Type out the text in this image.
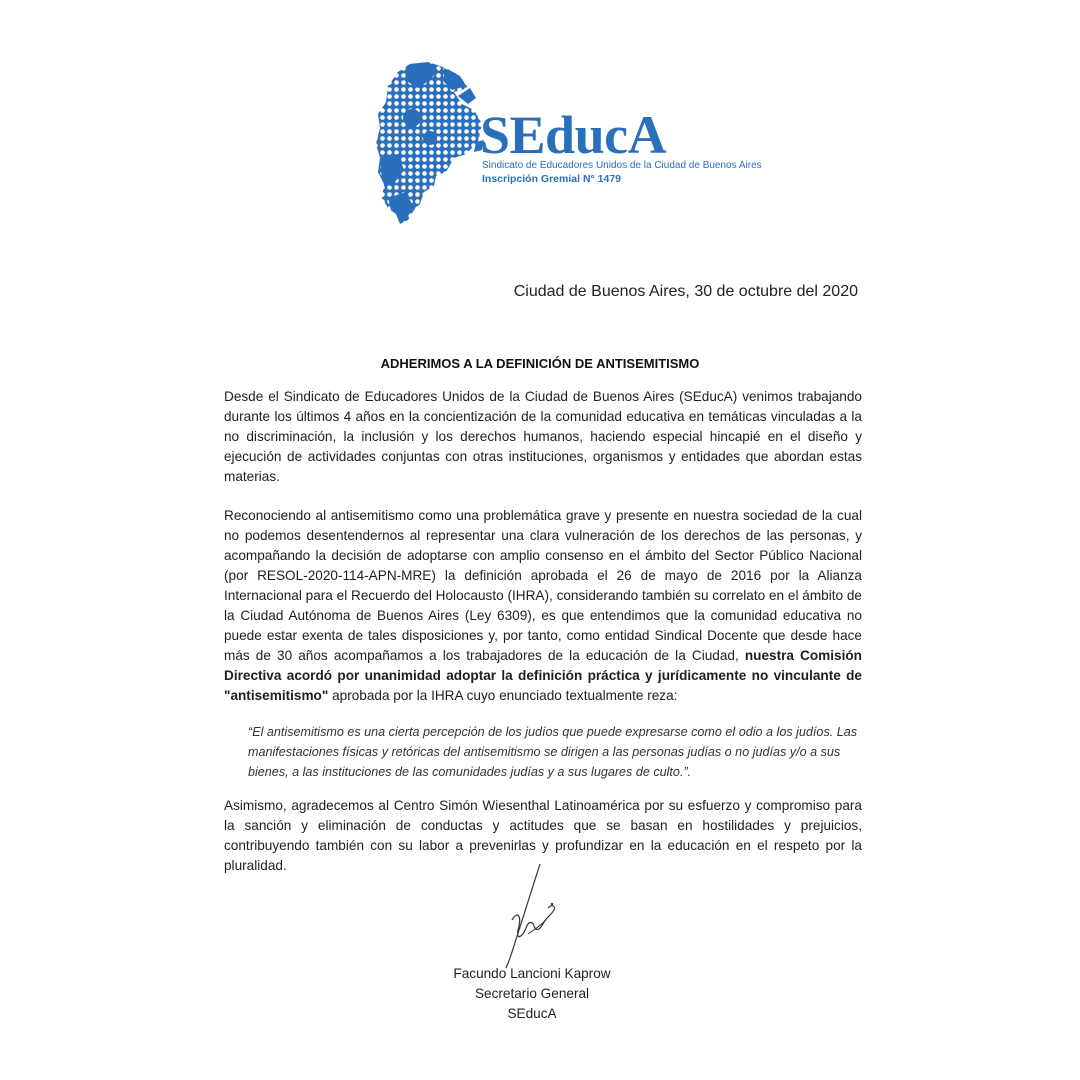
SEducA
Sindicato de Educadores Unidos de la Ciudad de Buenos Aires
Inscripción Gremial N° 1479
Ciudad de Buenos Aires, 30 de octubre del 2020
ADHERIMOS A LA DEFINICIÓN DE ANTISEMITISMO

Desde el Sindicato de Educadores Unidos de la Ciudad de Buenos Aires (SEducA) venimos trabajando durante los últimos 4 años en la concientización de la comunidad educativa en temáticas vinculadas a la no discriminación, la inclusión y los derechos humanos, haciendo especial hincapié en el diseño y ejecución de actividades conjuntas con otras instituciones, organismos y entidades que abordan estas materias.

Reconociendo al antisemitismo como una problemática grave y presente en nuestra sociedad de la cual no podemos desentendernos al representar una clara vulneración de los derechos de las personas, y acompañando la decisión de adoptarse con amplio consenso en el ámbito del Sector Público Nacional (por RESOL-2020-114-APN-MRE) la definición aprobada el 26 de mayo de 2016 por la Alianza Internacional para el Recuerdo del Holocausto (IHRA), considerando también su correlato en el ámbito de la Ciudad Autónoma de Buenos Aires (Ley 6309), es que entendimos que la comunidad educativa no puede estar exenta de tales disposiciones y, por tanto, como entidad Sindical Docente que desde hace más de 30 años acompañamos a los trabajadores de la educación de la Ciudad, nuestra Comisión Directiva acordó por unanimidad adoptar la definición práctica y jurídicamente no vinculante de "antisemitismo" aprobada por la IHRA cuyo enunciado textualmente reza:

“El antisemitismo es una cierta percepción de los judíos que puede expresarse como el odio a los judíos. Las manifestaciones físicas y retóricas del antisemitismo se dirigen a las personas judías o no judías y/o a sus bienes, a las instituciones de las comunidades judías y a sus lugares de culto.”.

Asimismo, agradecemos al Centro Simón Wiesenthal Latinoamérica por su esfuerzo y compromiso para la sanción y eliminación de conductas y actitudes que se basan en hostilidades y prejuicios, contribuyendo también con su labor a prevenirlas y profundizar en la educación en el respeto por la pluralidad.

Facundo Lancioni Kaprow
Secretario General
SEducA
